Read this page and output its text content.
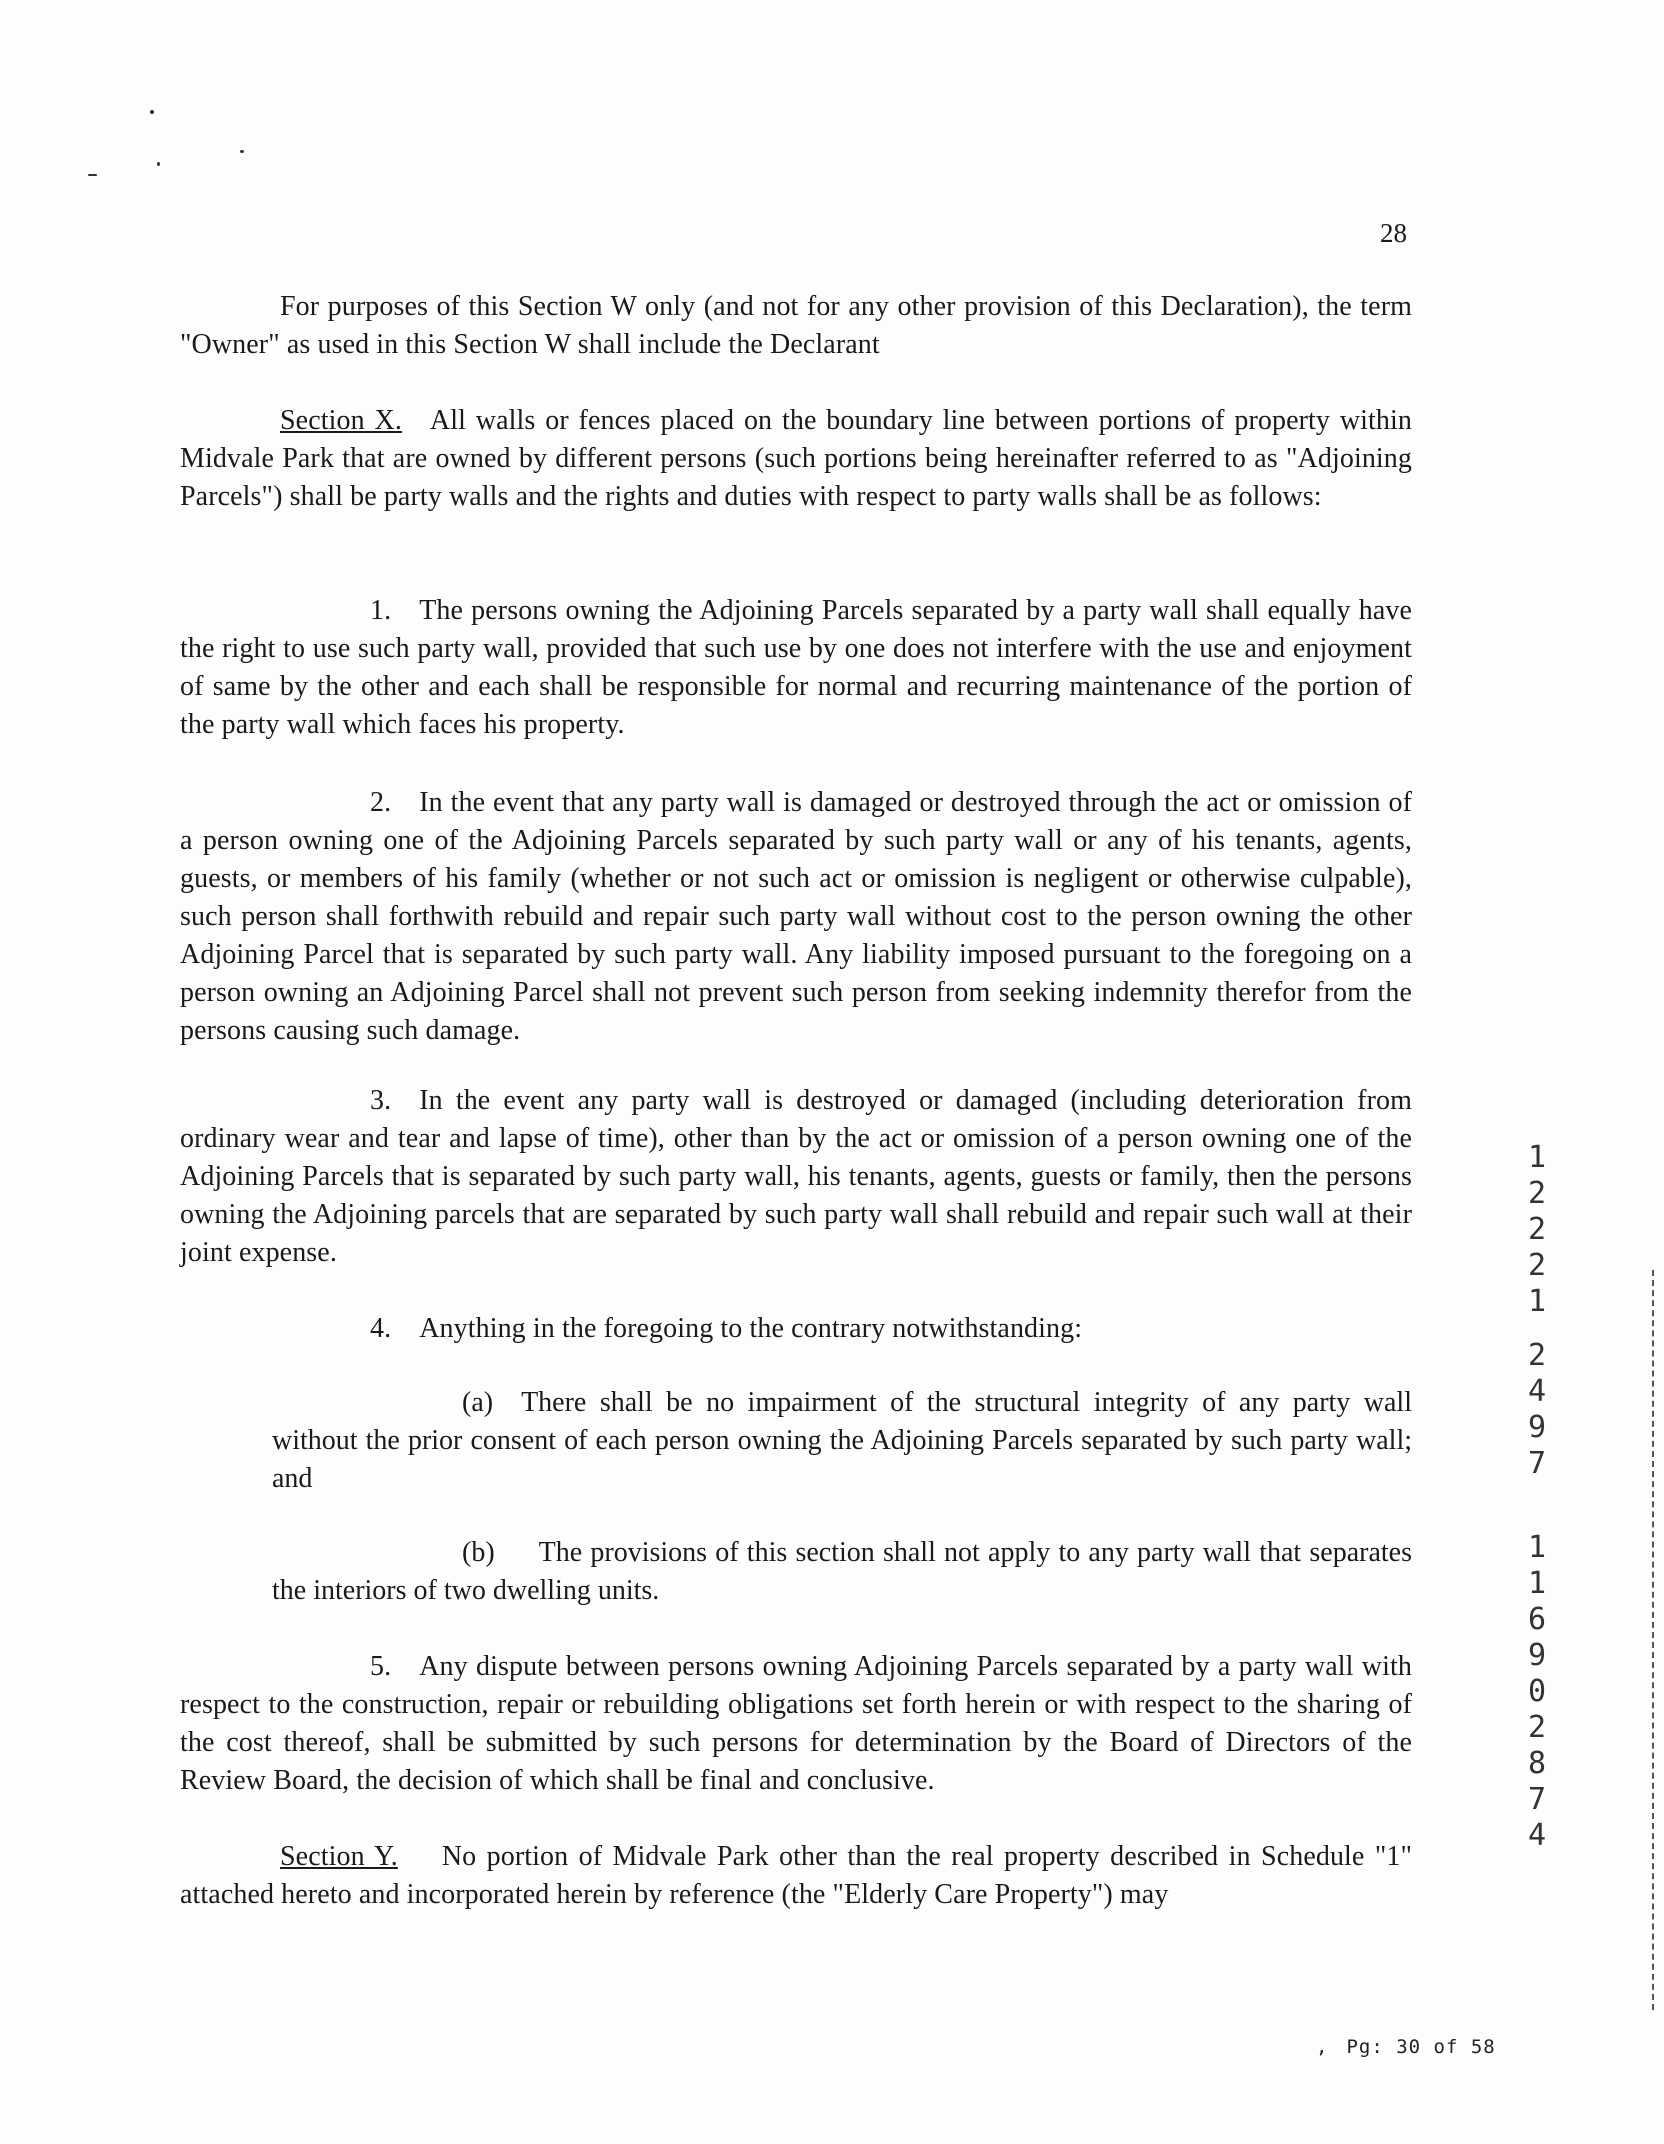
28

For purposes of this Section W only (and not for any other provision of this Declaration), the term "Owner" as used in this Section W shall include the Declarant

Section X. All walls or fences placed on the boundary line between portions of property within Midvale Park that are owned by different persons (such portions being hereinafter referred to as "Adjoining Parcels") shall be party walls and the rights and duties with respect to party walls shall be as follows:

1. The persons owning the Adjoining Parcels separated by a party wall shall equally have the right to use such party wall, provided that such use by one does not interfere with the use and enjoyment of same by the other and each shall be responsible for normal and recurring maintenance of the portion of the party wall which faces his property.

2. In the event that any party wall is damaged or destroyed through the act or omission of a person owning one of the Adjoining Parcels separated by such party wall or any of his tenants, agents, guests, or members of his family (whether or not such act or omission is negligent or otherwise culpable), such person shall forthwith rebuild and repair such party wall without cost to the person owning the other Adjoining Parcel that is separated by such party wall. Any liability imposed pursuant to the foregoing on a person owning an Adjoining Parcel shall not prevent such person from seeking indemnity therefor from the persons causing such damage.

3. In the event any party wall is destroyed or damaged (including deterioration from ordinary wear and tear and lapse of time), other than by the act or omission of a person owning one of the Adjoining Parcels that is separated by such party wall, his tenants, agents, guests or family, then the persons owning the Adjoining parcels that are separated by such party wall shall rebuild and repair such wall at their joint expense.

4. Anything in the foregoing to the contrary notwithstanding:

(a) There shall be no impairment of the structural integrity of any party wall without the prior consent of each person owning the Adjoining Parcels separated by such party wall; and

(b) The provisions of this section shall not apply to any party wall that separates the interiors of two dwelling units.

5. Any dispute between persons owning Adjoining Parcels separated by a party wall with respect to the construction, repair or rebuilding obligations set forth herein or with respect to the sharing of the cost thereof, shall be submitted by such persons for determination by the Board of Directors of the Review Board, the decision of which shall be final and conclusive.

Section Y. No portion of Midvale Park other than the real property described in Schedule "1" attached hereto and incorporated herein by reference (the "Elderly Care Property") may

1
2
2
2
1
2
4
9
7
1
1
6
9
0
2
8
7
4
, Pg: 30 of 58
